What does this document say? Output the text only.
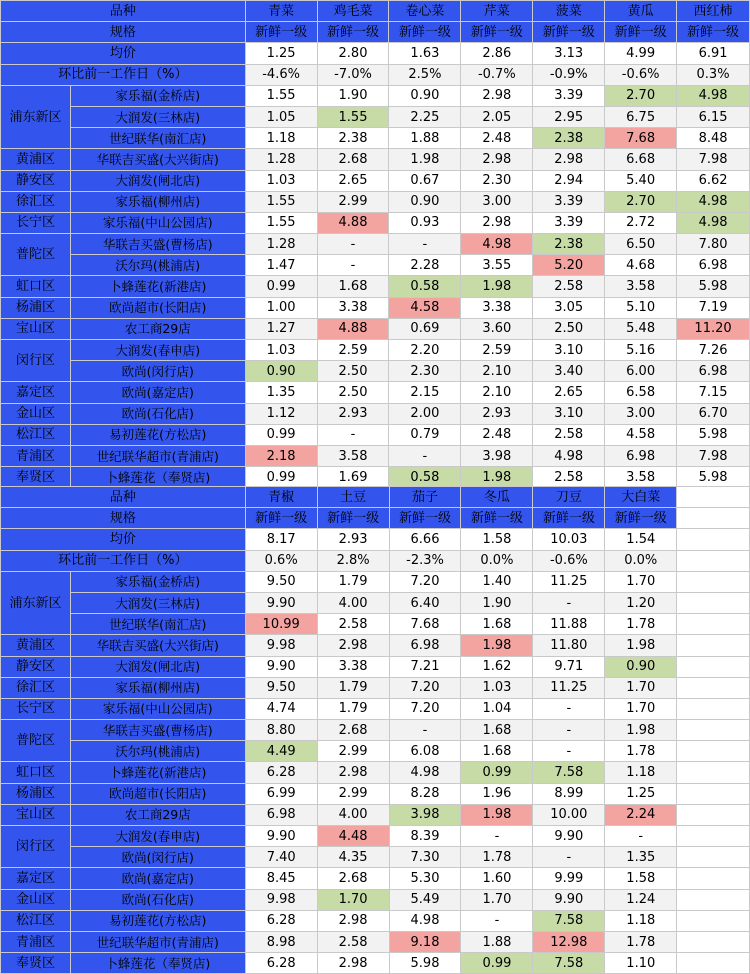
品种		青菜	鸡毛菜	卷心菜	芹菜	菠菜	黄瓜	西红柿
规格		新鲜一级	新鲜一级	新鲜一级	新鲜一级	新鲜一级	新鲜一级	新鲜一级
均价		1.25	2.80	1.63	2.86	3.13	4.99	6.91
环比前一工作日（%）		-4.6%	-7.0%	2.5%	-0.7%	-0.9%	-0.6%	0.3%
浦东新区	家乐福(金桥店)	1.55	1.90	0.90	2.98	3.39	2.70	4.98
	大润发(三林店)	1.05	1.55	2.25	2.05	2.95	6.75	6.15
	世纪联华(南汇店)	1.18	2.38	1.88	2.48	2.38	7.68	8.48
黄浦区	华联吉买盛(大兴街店)	1.28	2.68	1.98	2.98	2.98	6.68	7.98
静安区	大润发(闸北店)	1.03	2.65	0.67	2.30	2.94	5.40	6.62
徐汇区	家乐福(柳州店)	1.55	2.99	0.90	3.00	3.39	2.70	4.98
长宁区	家乐福(中山公园店)	1.55	4.88	0.93	2.98	3.39	2.72	4.98
普陀区	华联吉买盛(曹杨店)	1.28	-	-	4.98	2.38	6.50	7.80
	沃尔玛(桃浦店)	1.47	-	2.28	3.55	5.20	4.68	6.98
虹口区	卜蜂莲花(新港店)	0.99	1.68	0.58	1.98	2.58	3.58	5.98
杨浦区	欧尚超市(长阳店)	1.00	3.38	4.58	3.38	3.05	5.10	7.19
宝山区	农工商29店	1.27	4.88	0.69	3.60	2.50	5.48	11.20
闵行区	大润发(春申店)	1.03	2.59	2.20	2.59	3.10	5.16	7.26
	欧尚(闵行店)	0.90	2.50	2.30	2.10	3.40	6.00	6.98
嘉定区	欧尚(嘉定店)	1.35	2.50	2.15	2.10	2.65	6.58	7.15
金山区	欧尚(石化店)	1.12	2.93	2.00	2.93	3.10	3.00	6.70
松江区	易初莲花(方松店)	0.99	-	0.79	2.48	2.58	4.58	5.98
青浦区	世纪联华超市(青浦店)	2.18	3.58	-	3.98	4.98	6.98	7.98
奉贤区	卜蜂莲花（奉贤店)	0.99	1.69	0.58	1.98	2.58	3.58	5.98
品种		青椒	土豆	茄子	冬瓜	刀豆	大白菜	
规格		新鲜一级	新鲜一级	新鲜一级	新鲜一级	新鲜一级	新鲜一级	
均价		8.17	2.93	6.66	1.58	10.03	1.54	
环比前一工作日（%）		0.6%	2.8%	-2.3%	0.0%	-0.6%	0.0%	
浦东新区	家乐福(金桥店)	9.50	1.79	7.20	1.40	11.25	1.70	
	大润发(三林店)	9.90	4.00	6.40	1.90	-	1.20	
	世纪联华(南汇店)	10.99	2.58	7.68	1.68	11.88	1.78	
黄浦区	华联吉买盛(大兴街店)	9.98	2.98	6.98	1.98	11.80	1.98	
静安区	大润发(闸北店)	9.90	3.38	7.21	1.62	9.71	0.90	
徐汇区	家乐福(柳州店)	9.50	1.79	7.20	1.03	11.25	1.70	
长宁区	家乐福(中山公园店)	4.74	1.79	7.20	1.04	-	1.70	
普陀区	华联吉买盛(曹杨店)	8.80	2.68	-	1.68	-	1.98	
	沃尔玛(桃浦店)	4.49	2.99	6.08	1.68	-	1.78	
虹口区	卜蜂莲花(新港店)	6.28	2.98	4.98	0.99	7.58	1.18	
杨浦区	欧尚超市(长阳店)	6.99	2.99	8.28	1.96	8.99	1.25	
宝山区	农工商29店	6.98	4.00	3.98	1.98	10.00	2.24	
闵行区	大润发(春申店)	9.90	4.48	8.39	-	9.90	-	
	欧尚(闵行店)	7.40	4.35	7.30	1.78	-	1.35	
嘉定区	欧尚(嘉定店)	8.45	2.68	5.30	1.60	9.99	1.58	
金山区	欧尚(石化店)	9.98	1.70	5.49	1.70	9.90	1.24	
松江区	易初莲花(方松店)	6.28	2.98	4.98	-	7.58	1.18	
青浦区	世纪联华超市(青浦店)	8.98	2.58	9.18	1.88	12.98	1.78	
奉贤区	卜蜂莲花（奉贤店)	6.28	2.98	5.98	0.99	7.58	1.10	
